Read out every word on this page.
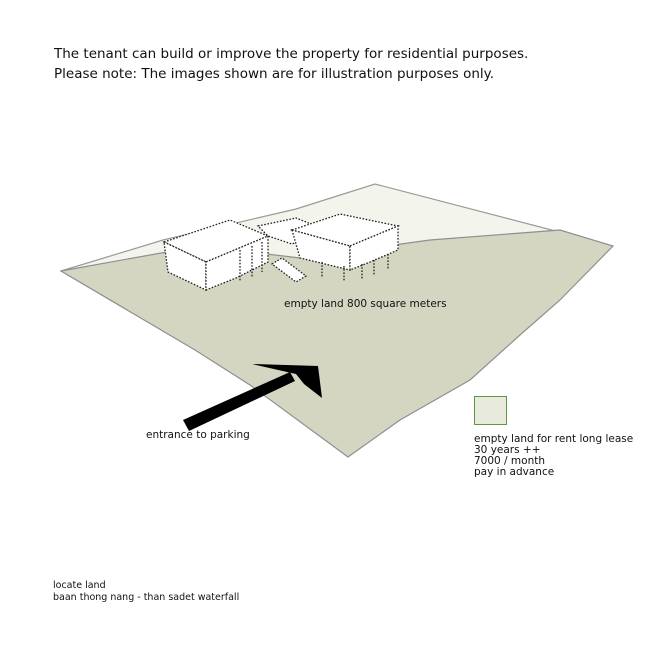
The tenant can build or improve the property for residential purposes.

Please note: The images shown are for illustration purposes only.

empty land 800 square meters
entrance to parking	empty land for rent long lease
30 years ++
7000 / month
pay in advance
locate land
baan thong nang - than sadet waterfall
